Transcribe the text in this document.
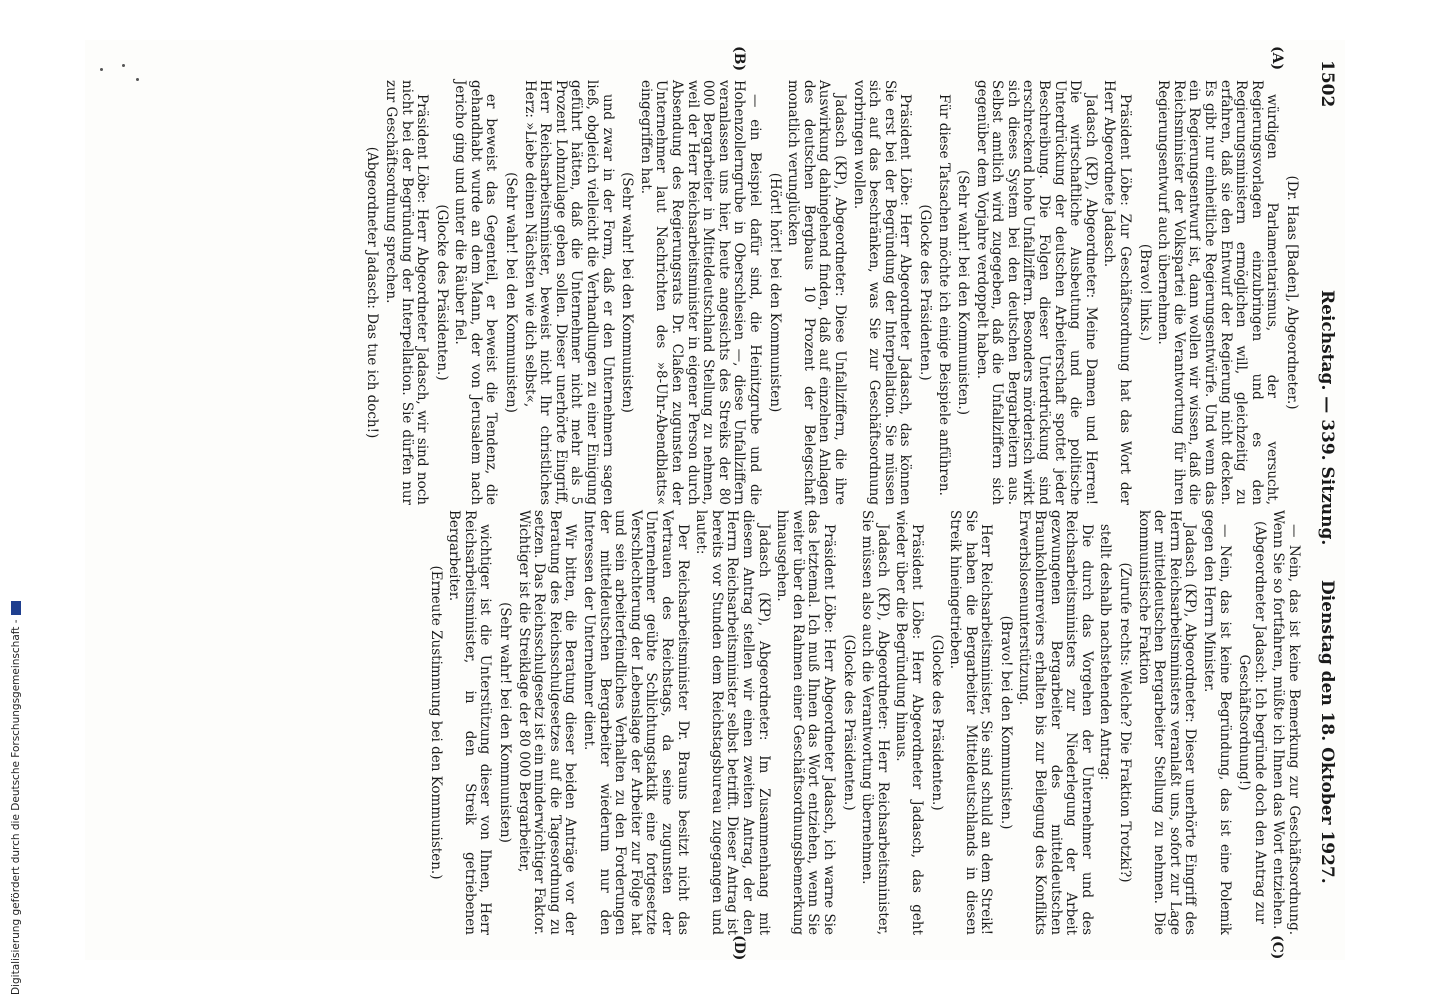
1502
Reichstag. — 339. Sitzung.
Dienstag den 18. Oktober 1927.
(A)
(B)
(C)
(D)

(Dr. Haas [Baden], Abgeordneter.)

würdigen Parlamentarismus, der versucht, Regierungsvorlagen einzubringen und es den Regierungsministern ermöglichen will, gleichzeitig zu erfahren, daß sie den Entwurf der Regierung nicht decken. Es gibt nur einheitliche Regierungsentwürfe. Und wenn das ein Regierungsentwurf ist, dann wollen wir wissen, daß die Reichsminister der Volkspartei die Verantwortung für ihren Regierungsentwurf auch übernehmen.

(Bravo! links.)

Präsident Löbe: Zur Geschäftsordnung hat das Wort der Herr Abgeordnete Jadasch.

Jadasch (KP), Abgeordneter: Meine Damen und Herren! Die wirtschaftliche Ausbeutung und die politische Unterdrückung der deutschen Arbeiterschaft spottet jeder Beschreibung. Die Folgen dieser Unterdrückung sind erschreckend hohe Unfallziffern. Besonders mörderisch wirkt sich dieses System bei den deutschen Bergarbeitern aus. Selbst amtlich wird zugegeben, daß die Unfallziffern sich gegenüber dem Vorjahre verdoppelt haben.

(Sehr wahr! bei den Kommunisten.)

Für diese Tatsachen möchte ich einige Beispiele anführen.

(Glocke des Präsidenten.)

Präsident Löbe: Herr Abgeordneter Jadasch, das können Sie erst bei der Begründung der Interpellation. Sie müssen sich auf das beschränken, was Sie zur Geschäftsordnung vorbringen wollen.

Jadasch (KP), Abgeordneter: Diese Unfallziffern, die ihre Auswirkung dahingehend finden, daß auf einzelnen Anlagen des deutschen Bergbaus 10 Prozent der Belegschaft monatlich verunglücken

(Hört! hört! bei den Kommunisten)

— ein Beispiel dafür sind, die Heinitzgrube und die Hohenzollerngrube in Oberschlesien —, diese Unfallziffern veranlassen uns hier, heute angesichts des Streiks der 80 000 Bergarbeiter in Mitteldeutschland Stellung zu nehmen, weil der Herr Reichsarbeitsminister in eigener Person durch Absendung des Regierungsrats Dr. Claßen zugunsten der Unternehmer laut Nachrichten des »8-Uhr-Abendblatts« eingegriffen hat.

(Sehr wahr! bei den Kommunisten)

und zwar in der Form, daß er den Unternehmern sagen ließ, obgleich vielleicht die Verhandlungen zu einer Einigung geführt hätten, daß die Unternehmer nicht mehr als 5 Prozent Lohnzulage geben sollen. Dieser unerhörte Eingriff, Herr Reichsarbeitsminister, beweist nicht Ihr christliches Herz: »Liebe deinen Nächsten wie dich selbst«,

(Sehr wahr! bei den Kommunisten)

er beweist das Gegenteil, er beweist die Tendenz, die gehandhabt wurde an dem Mann, der von Jerusalem nach Jericho ging und unter die Räuber fiel.

(Glocke des Präsidenten.)

Präsident Löbe: Herr Abgeordneter Jadasch, wir sind noch nicht bei der Begründung der Interpellation. Sie dürfen nur zur Geschäftsordnung sprechen.

(Abgeordneter Jadasch: Das tue ich doch!)

— Nein, das ist keine Bemerkung zur Geschäftsordnung. Wenn Sie so fortfahren, müßte ich Ihnen das Wort entziehen.

(Abgeordneter Jadasch: Ich begründe doch den Antrag zur Geschäftsordnung!)

— Nein, das ist keine Begründung, das ist eine Polemik gegen den Herrn Minister.

Jadasch (KP), Abgeordneter: Dieser unerhörte Eingriff des Herrn Reichsarbeitsministers veranlaßt uns, sofort zur Lage der mitteldeutschen Bergarbeiter Stellung zu nehmen. Die kommunistische Fraktion

(Zurufe rechts: Welche? Die Fraktion Trotzki?)

stellt deshalb nachstehenden Antrag:

Die durch das Vorgehen der Unternehmer und des Reichsarbeitsministers zur Niederlegung der Arbeit gezwungenen Bergarbeiter des mitteldeutschen Braunkohlenreviers erhalten bis zur Beilegung des Konflikts Erwerbslosenunterstützung.

(Bravo! bei den Kommunisten.)

Herr Reichsarbeitsminister, Sie sind schuld an dem Streik! Sie haben die Bergarbeiter Mitteldeutschlands in diesen Streik hineingetrieben.

(Glocke des Präsidenten.)

Präsident Löbe: Herr Abgeordneter Jadasch, das geht wieder über die Begründung hinaus.

Jadasch (KP), Abgeordneter: Herr Reichsarbeitsminister, Sie müssen also auch die Verantwortung übernehmen.

(Glocke des Präsidenten.)

Präsident Löbe: Herr Abgeordneter Jadasch, ich warne Sie das letztemal. Ich muß Ihnen das Wort entziehen, wenn Sie weiter über den Rahmen einer Geschäftsordnungsbemerkung hinausgehen.

Jadasch (KP), Abgeordneter: Im Zusammenhang mit diesem Antrag stellen wir einen zweiten Antrag, der den Herrn Reichsarbeitsminister selbst betrifft. Dieser Antrag ist bereits vor Stunden dem Reichstagsbureau zugegangen und lautet:

Der Reichsarbeitsminister Dr. Brauns besitzt nicht das Vertrauen des Reichstags, da seine zugunsten der Unternehmer geübte Schlichtungstaktik eine fortgesetzte Verschlechterung der Lebenslage der Arbeiter zur Folge hat und sein arbeiterfeindliches Verhalten zu den Forderungen der mitteldeutschen Bergarbeiter wiederum nur den Interessen der Unternehmer dient.

Wir bitten, die Beratung dieser beiden Anträge vor der Beratung des Reichsschulgesetzes auf die Tagesordnung zu setzen. Das Reichsschulgesetz ist ein minderwichtiger Faktor. Wichtiger ist die Streiklage der 80 000 Bergarbeiter,

(Sehr wahr! bei den Kommunisten)

wichtiger ist die Unterstützung dieser von Ihnen, Herr Reichsarbeitsminister, in den Streik getriebenen Bergarbeiter.

(Erneute Zustimmung bei den Kommunisten.)

Digitalisierung gefördert durch die Deutsche Forschungsgemeinschaft -
